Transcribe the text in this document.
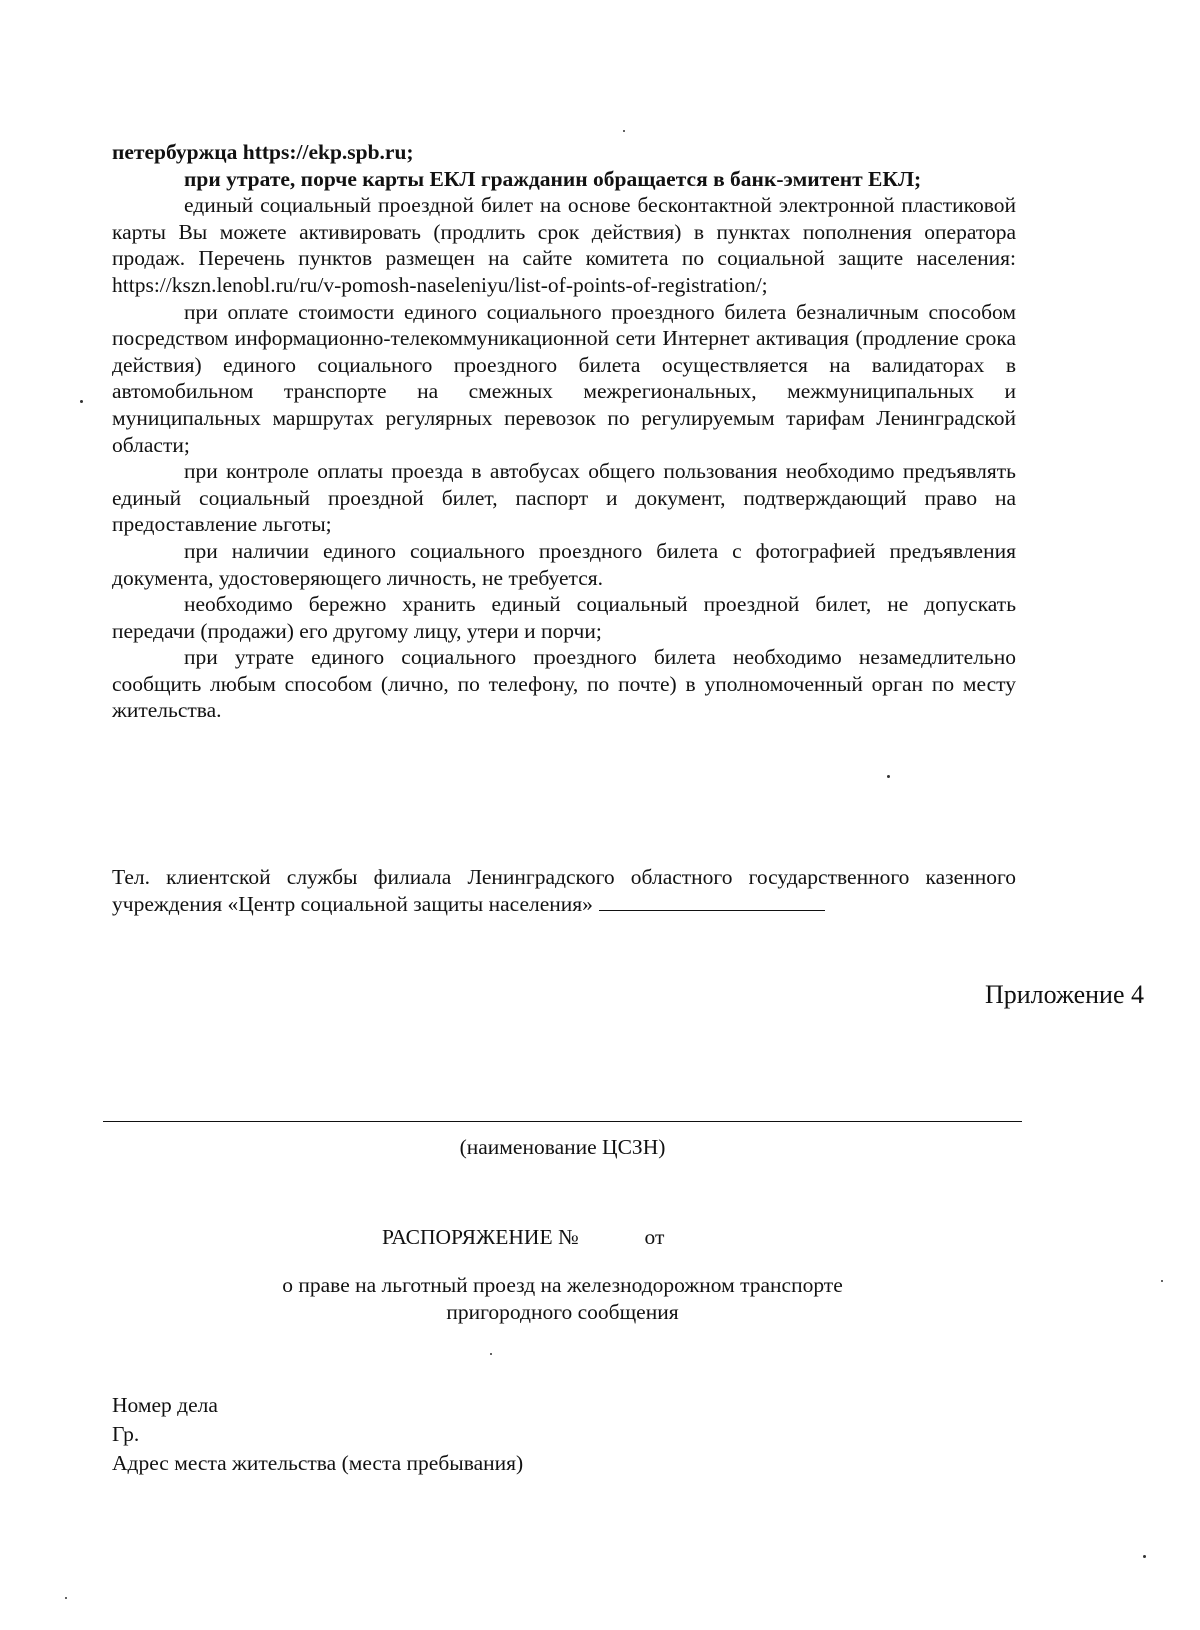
петербуржца https://ekp.spb.ru;

при утрате, порче карты ЕКЛ гражданин обращается в банк-эмитент ЕКЛ;

единый социальный проездной билет на основе бесконтактной электронной пластиковой карты Вы можете активировать (продлить срок действия) в пунктах пополнения оператора продаж. Перечень пунктов размещен на сайте комитета по социальной защите населения: https://kszn.lenobl.ru/ru/v-pomosh-naseleniyu/list-of-points-of-registration/;

при оплате стоимости единого социального проездного билета безналичным способом посредством информационно-телекоммуникационной сети Интернет активация (продление срока действия) единого социального проездного билета осуществляется на валидаторах в автомобильном транспорте на смежных межрегиональных, межмуниципальных и муниципальных маршрутах регулярных перевозок по регулируемым тарифам Ленинградской области;

при контроле оплаты проезда в автобусах общего пользования необходимо предъявлять единый социальный проездной билет, паспорт и документ, подтверждающий право на предоставление льготы;

при наличии единого социального проездного билета с фотографией предъявления документа, удостоверяющего личность, не требуется.

необходимо бережно хранить единый социальный проездной билет, не допускать передачи (продажи) его другому лицу, утери и порчи;

при утрате единого социального проездного билета необходимо незамедлительно сообщить любым способом (лично, по телефону, по почте) в уполномоченный орган по месту жительства.

Тел. клиентской службы филиала Ленинградского областного государственного казенного учреждения «Центр социальной защиты населения»
Приложение 4
(наименование ЦСЗН)
РАСПОРЯЖЕНИЕ №	от
о праве на льготный проезд на железнодорожном транспорте
пригородного сообщения
Номер дела
Гр.
Адрес места жительства (места пребывания)
